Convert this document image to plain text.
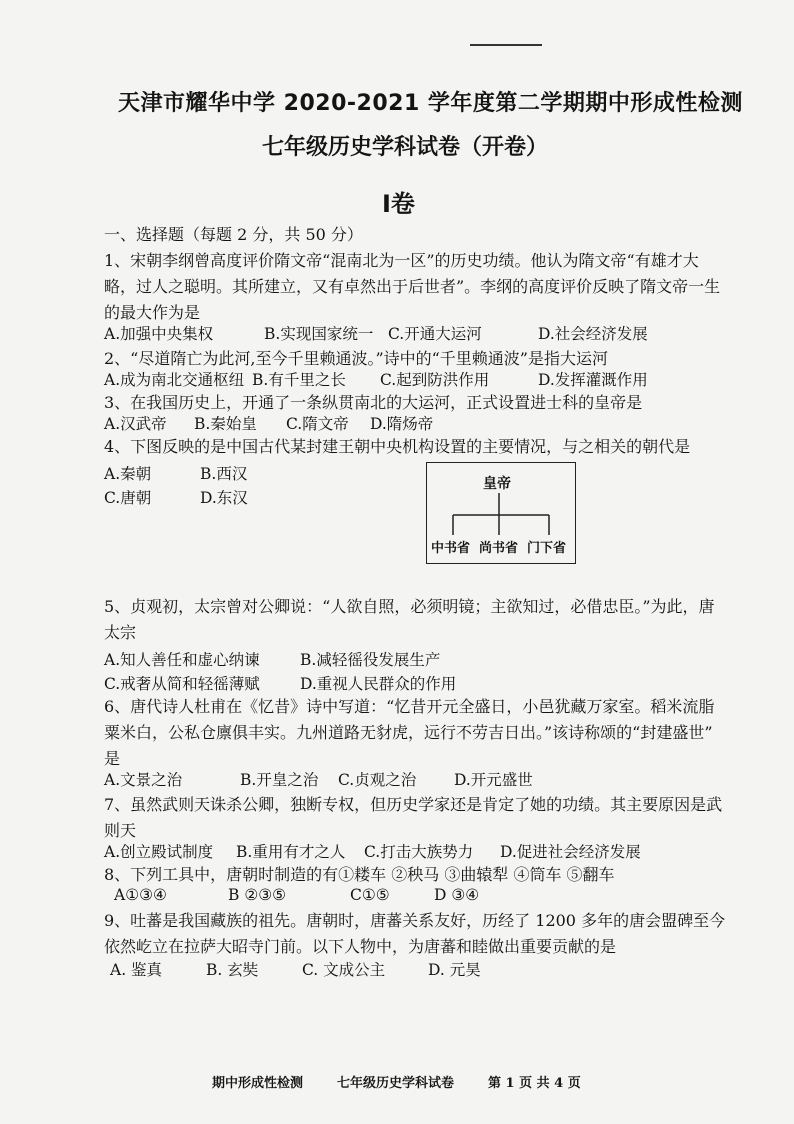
天津市耀华中学 2020-2021 学年度第二学期期中形成性检测
七年级历史学科试卷（开卷）
Ⅰ卷
一、选择题（每题 2 分，共 50 分）
1、宋朝李纲曾高度评价隋文帝“混南北为一区”的历史功绩。他认为隋文帝“有雄才大
略，过人之聪明。其所建立，又有卓然出于后世者”。李纲的高度评价反映了隋文帝一生
的最大作为是
A.加强中央集权	B.实现国家统一 C.开通大运河	D.社会经济发展
2、“尽道隋亡为此河,至今千里赖通波。”诗中的“千里赖通波”是指大运河
A.成为南北交通枢纽 B.有千里之长 C.起到防洪作用	D.发挥灌溉作用
3、在我国历史上，开通了一条纵贯南北的大运河，正式设置进士科的皇帝是
A.汉武帝 B.秦始皇 C.隋文帝 D.隋炀帝
4、下图反映的是中国古代某封建王朝中央机构设置的主要情况，与之相关的朝代是
A.秦朝	B.西汉
C.唐朝	D.东汉
皇帝
中书省 尚书省 门下省
5、贞观初，太宗曾对公卿说：“人欲自照，必须明镜；主欲知过，必借忠臣。”为此，唐
太宗
A.知人善任和虚心纳谏	B.减轻徭役发展生产
C.戒奢从简和轻徭薄赋	D.重视人民群众的作用
6、唐代诗人杜甫在《忆昔》诗中写道：“忆昔开元全盛日，小邑犹藏万家室。稻米流脂
粟米白，公私仓廪俱丰实。九州道路无豺虎，远行不劳吉日出。”该诗称颂的“封建盛世”
是
A.文景之治	B.开皇之治 C.贞观之治 D.开元盛世
7、虽然武则天诛杀公卿，独断专权，但历史学家还是肯定了她的功绩。其主要原因是武
则天
A.创立殿试制度 B.重用有才之人 C.打击大族势力 D.促进社会经济发展
8、下列工具中，唐朝时制造的有①耧车 ②秧马 ③曲辕犁 ④筒车 ⑤翻车
A①③④	B ②③⑤	C①⑤	D ③④
9、吐蕃是我国藏族的祖先。唐朝时，唐蕃关系友好，历经了 1200 多年的唐会盟碑至今
依然屹立在拉萨大昭寺门前。以下人物中，为唐蕃和睦做出重要贡献的是
A. 鉴真	B. 玄奘	C. 文成公主	D. 元昊
期中形成性检测	七年级历史学科试卷	第 1 页 共 4 页
